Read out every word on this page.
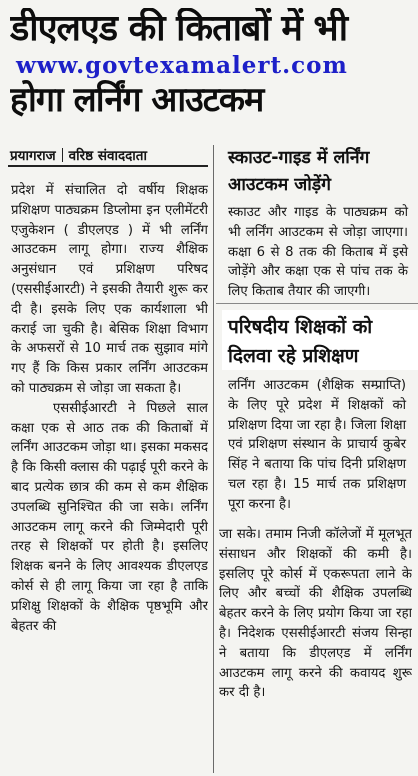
डीएलएड की किताबों में भी
www.govtexamalert.com
होगा लर्निंग आउटकम
प्रयागराज वरिष्ठ संवाददाता

प्रदेश में संचालित दो वर्षीय शिक्षक प्रशिक्षण पाठ्यक्रम डिप्लोमा इन एलीमेंटरी एजुकेशन ( डीएलएड ) में भी लर्निंग आउटकम लागू होगा। राज्य शैक्षिक अनुसंधान एवं प्रशिक्षण परिषद (एससीईआरटी) ने इसकी तैयारी शुरू कर दी है। इसके लिए एक कार्यशाला भी कराई जा चुकी है। बेसिक शिक्षा विभाग के अफसरों से 10 मार्च तक सुझाव मांगे गए हैं कि किस प्रकार लर्निंग आउटकम को पाठ्यक्रम से जोड़ा जा सकता है।

एससीईआरटी ने पिछले साल कक्षा एक से आठ तक की किताबों में लर्निंग आउटकम जोड़ा था। इसका मकसद है कि किसी क्लास की पढ़ाई पूरी करने के बाद प्रत्येक छात्र की कम से कम शैक्षिक उपलब्धि सुनिश्चित की जा सके। लर्निंग आउटकम लागू करने की जिम्मेदारी पूरी तरह से शिक्षकों पर होती है। इसलिए शिक्षक बनने के लिए आवश्यक डीएलएड कोर्स से ही लागू किया जा रहा है ताकि प्रशिक्षु शिक्षकों के शैक्षिक पृष्ठभूमि और बेहतर की

स्काउट-गाइड में लर्निंग आउटकम जोड़ेंगे
स्काउट और गाइड के पाठ्यक्रम को भी लर्निंग आउटकम से जोड़ा जाएगा। कक्षा 6 से 8 तक की किताब में इसे जोड़ेंगे और कक्षा एक से पांच तक के लिए किताब तैयार की जाएगी।
परिषदीय शिक्षकों को दिलवा रहे प्रशिक्षण
लर्निंग आउटकम (शैक्षिक सम्प्राप्ति) के लिए पूरे प्रदेश में शिक्षकों को प्रशिक्षण दिया जा रहा है। जिला शिक्षा एवं प्रशिक्षण संस्थान के प्राचार्य कुबेर सिंह ने बताया कि पांच दिनी प्रशिक्षण चल रहा है। 15 मार्च तक प्रशिक्षण पूरा करना है।
जा सके। तमाम निजी कॉलेजों में मूलभूत संसाधन और शिक्षकों की कमी है। इसलिए पूरे कोर्स में एकरूपता लाने के लिए और बच्चों की शैक्षिक उपलब्धि बेहतर करने के लिए प्रयोग किया जा रहा है। निदेशक एससीईआरटी संजय सिन्हा ने बताया कि डीएलएड में लर्निंग आउटकम लागू करने की कवायद शुरू कर दी है।
